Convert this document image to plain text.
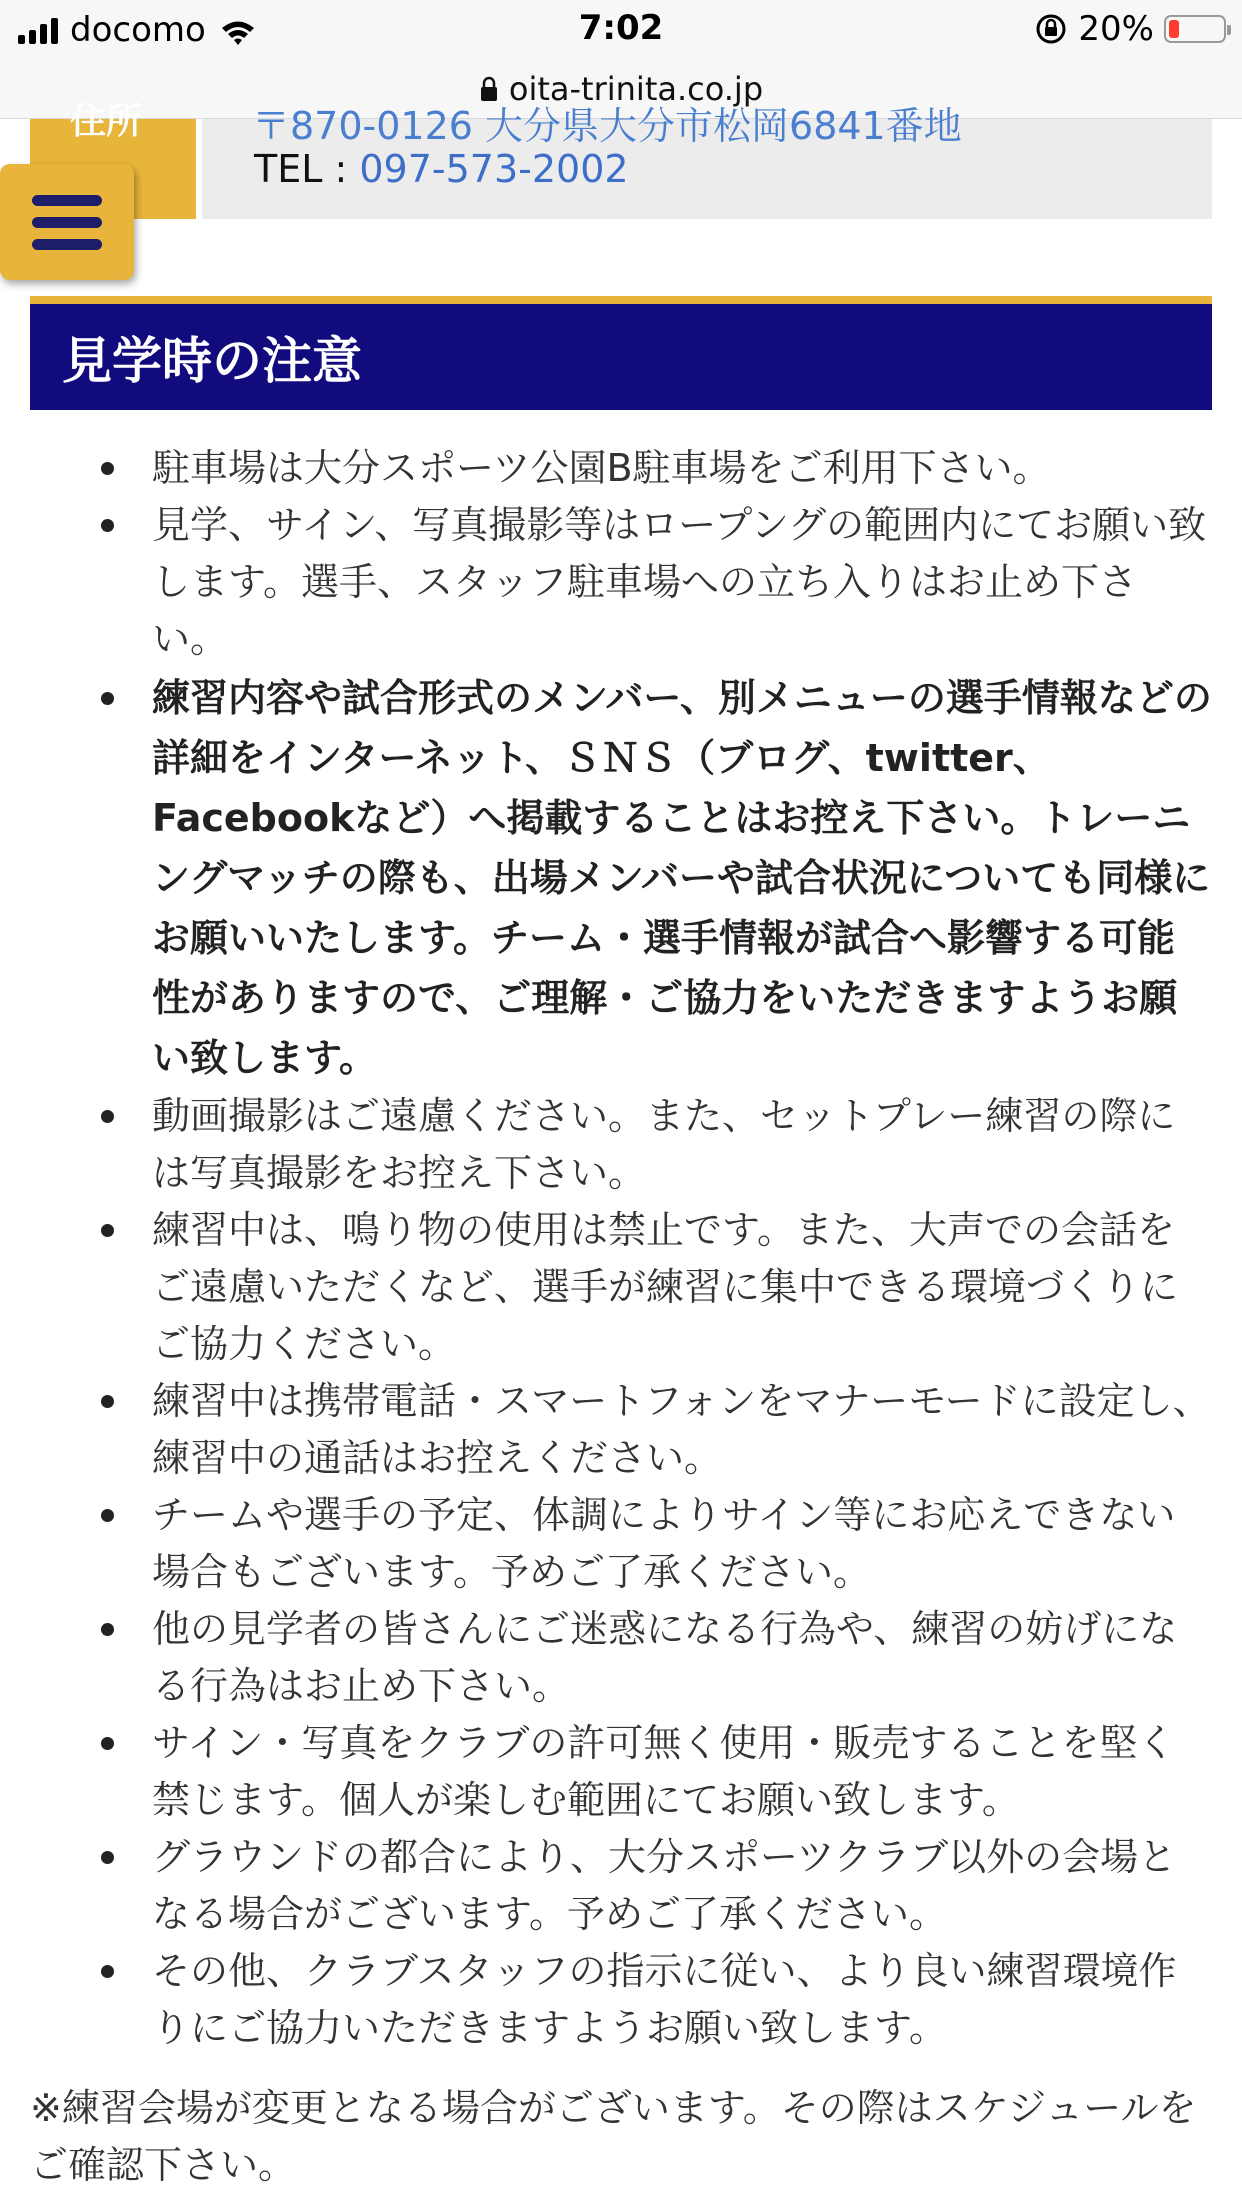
docomo	7:02	20%
oita-trinita.co.jp
住所	〒870-0126 大分県大分市松岡6841番地
TEL : 097-573-2002
見学時の注意
駐車場は大分スポーツ公園B駐車場をご利用下さい。
見学、サイン、写真撮影等はロープングの範囲内にてお願い致します。選手、スタッフ駐車場への立ち入りはお止め下さい。
練習内容や試合形式のメンバー、別メニューの選手情報などの詳細をインターネット、ＳＮＳ（ブログ、twitter、Facebookなど）へ掲載することはお控え下さい。トレーニングマッチの際も、出場メンバーや試合状況についても同様にお願いいたします。チーム・選手情報が試合へ影響する可能性がありますので、ご理解・ご協力をいただきますようお願い致します。
動画撮影はご遠慮ください。また、セットプレー練習の際には写真撮影をお控え下さい。
練習中は、鳴り物の使用は禁止です。また、大声での会話をご遠慮いただくなど、選手が練習に集中できる環境づくりにご協力ください。
練習中は携帯電話・スマートフォンをマナーモードに設定し、練習中の通話はお控えください。
チームや選手の予定、体調によりサイン等にお応えできない場合もございます。予めご了承ください。
他の見学者の皆さんにご迷惑になる行為や、練習の妨げになる行為はお止め下さい。
サイン・写真をクラブの許可無く使用・販売することを堅く禁じます。個人が楽しむ範囲にてお願い致します。
グラウンドの都合により、大分スポーツクラブ以外の会場となる場合がございます。予めご了承ください。
その他、クラブスタッフの指示に従い、より良い練習環境作りにご協力いただきますようお願い致します。
※練習会場が変更となる場合がございます。その際はスケジュールをご確認下さい。
